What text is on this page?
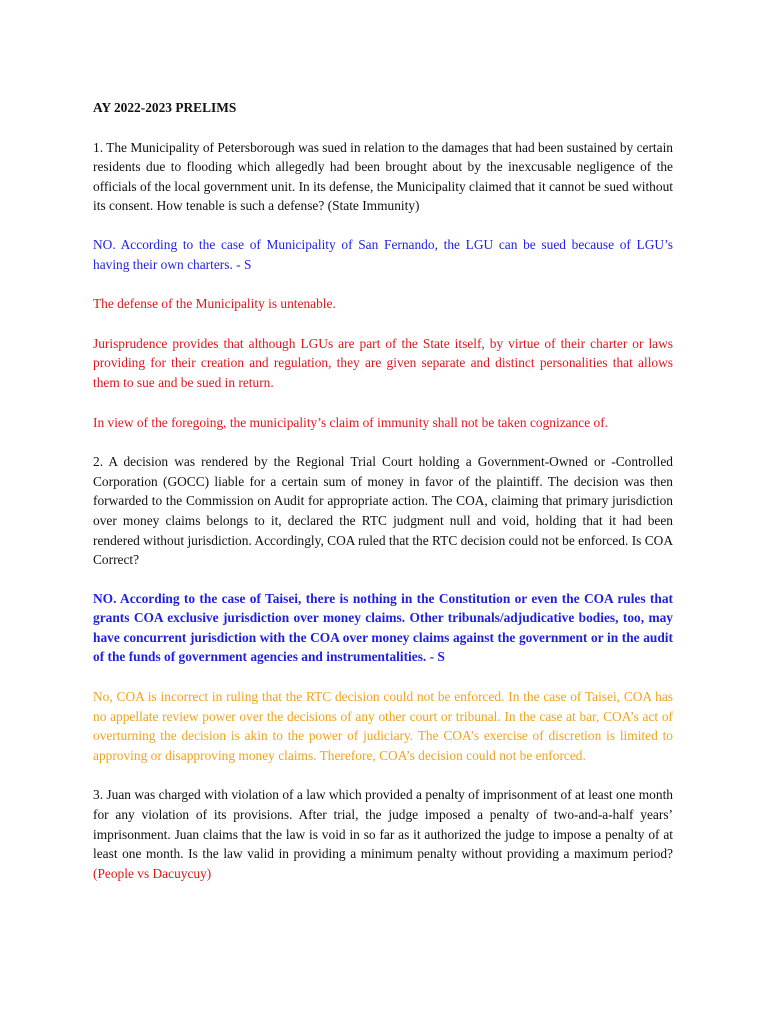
AY 2022-2023 PRELIMS

1. The Municipality of Petersborough was sued in relation to the damages that had been sustained by certain residents due to flooding which allegedly had been brought about by the inexcusable negligence of the officials of the local government unit. In its defense, the Municipality claimed that it cannot be sued without its consent. How tenable is such a defense? (State Immunity)

NO. According to the case of Municipality of San Fernando, the LGU can be sued because of LGU’s having their own charters. - S

The defense of the Municipality is untenable.

Jurisprudence provides that although LGUs are part of the State itself, by virtue of their charter or laws providing for their creation and regulation, they are given separate and distinct personalities that allows them to sue and be sued in return.

In view of the foregoing, the municipality’s claim of immunity shall not be taken cognizance of.

2. A decision was rendered by the Regional Trial Court holding a Government-Owned or -Controlled Corporation (GOCC) liable for a certain sum of money in favor of the plaintiff. The decision was then forwarded to the Commission on Audit for appropriate action. The COA, claiming that primary jurisdiction over money claims belongs to it, declared the RTC judgment null and void, holding that it had been rendered without jurisdiction. Accordingly, COA ruled that the RTC decision could not be enforced. Is COA Correct?

NO. According to the case of Taisei, there is nothing in the Constitution or even the COA rules that grants COA exclusive jurisdiction over money claims. Other tribunals/adjudicative bodies, too, may have concurrent jurisdiction with the COA over money claims against the government or in the audit of the funds of government agencies and instrumentalities. - S

No, COA is incorrect in ruling that the RTC decision could not be enforced. In the case of Taisei, COA has no appellate review power over the decisions of any other court or tribunal. In the case at bar, COA’s act of overturning the decision is akin to the power of judiciary. The COA’s exercise of discretion is limited to approving or disapproving money claims. Therefore, COA’s decision could not be enforced.

3. Juan was charged with violation of a law which provided a penalty of imprisonment of at least one month for any violation of its provisions. After trial, the judge imposed a penalty of two-and-a-half years’ imprisonment. Juan claims that the law is void in so far as it authorized the judge to impose a penalty of at least one month. Is the law valid in providing a minimum penalty without providing a maximum period? (People vs Dacuycuy)
